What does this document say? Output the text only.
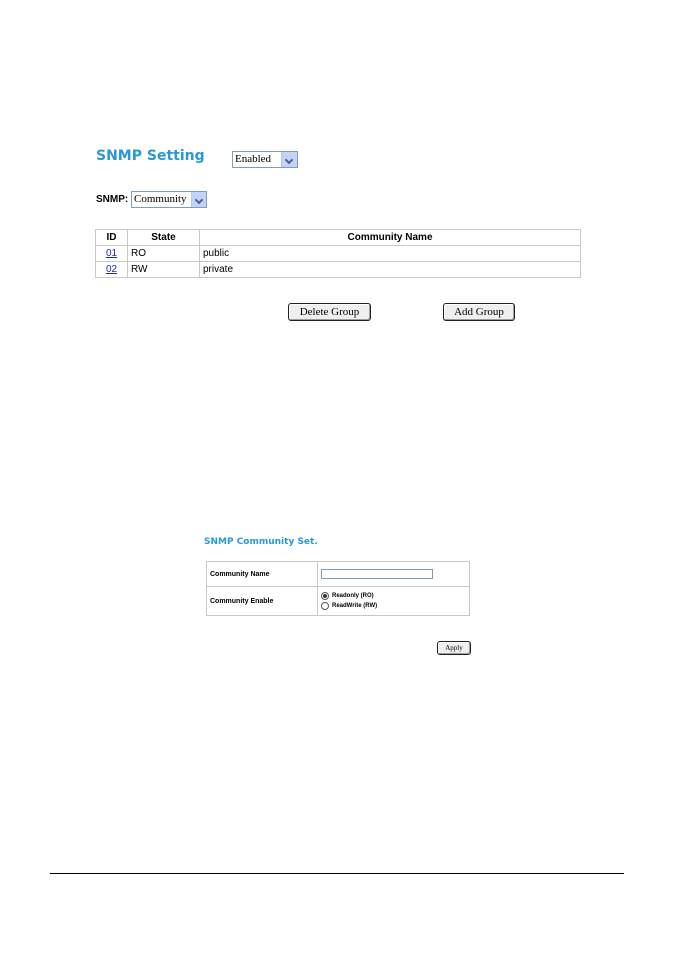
SNMP Setting	Enabled
SNMP: Community
ID	State	Community Name
01	RO	public
02	RW	private
Delete Group	Add Group
SNMP Community Set.
Community Name	

Community Enable	Readonly (RO)
ReadWrite (RW)
Apply
